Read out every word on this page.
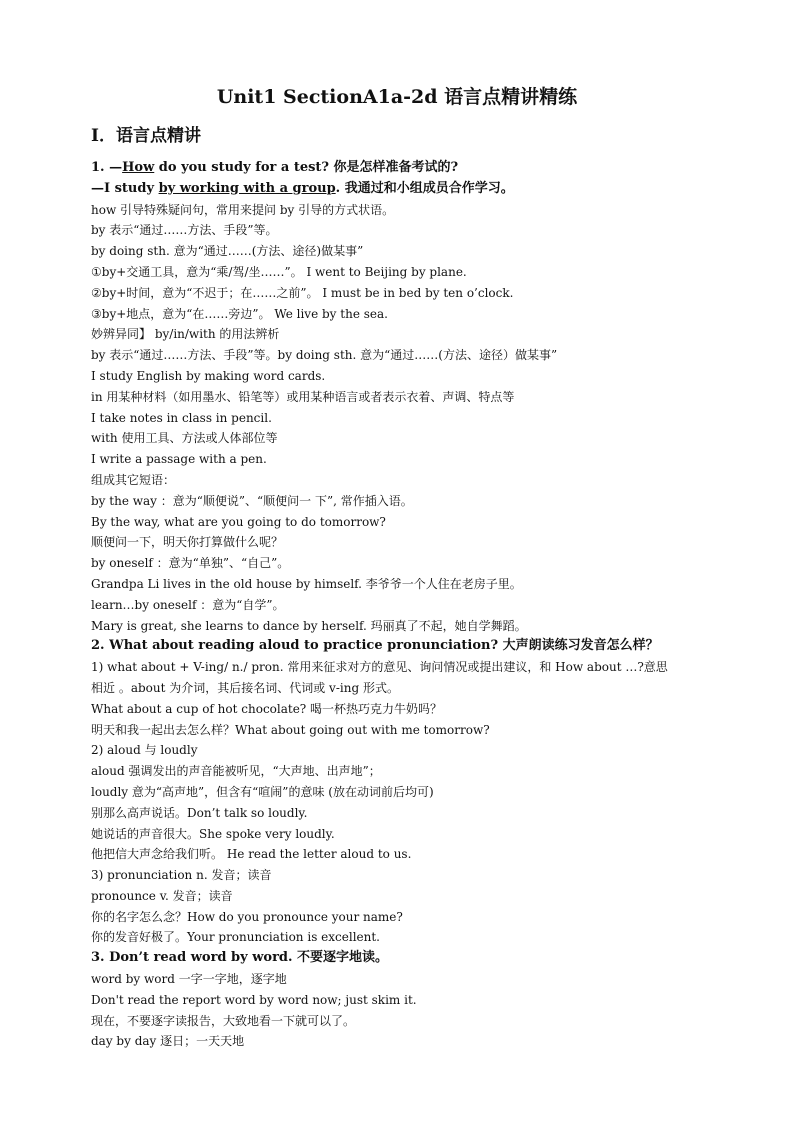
Unit1 SectionA1a-2d 语言点精讲精练
I．语言点精讲
1. —How do you study for a test? 你是怎样准备考试的?
—I study by working with a group. 我通过和小组成员合作学习。
how 引导特殊疑问句，常用来提问 by 引导的方式状语。
by 表示“通过……方法、手段”等。
by doing sth. 意为“通过……(方法、途径)做某事”
①by+交通工具，意为“乘/驾/坐……”。 I went to Beijing by plane.
②by+时间，意为“不迟于；在……之前”。 I must be in bed by ten o’clock.
③by+地点，意为“在……旁边”。 We live by the sea.
妙辨异同】 by/in/with 的用法辨析
by 表示“通过……方法、手段”等。by doing sth. 意为“通过……(方法、途径）做某事”
I study English by making word cards.
in 用某种材料（如用墨水、铅笔等）或用某种语言或者表示衣着、声调、特点等
I take notes in class in pencil.
with 使用工具、方法或人体部位等
I write a passage with a pen.
组成其它短语：
by the way ：意为“顺便说”、“顺便问一 下”, 常作插入语。
By the way, what are you going to do tomorrow?
顺便问一下，明天你打算做什么呢？
by oneself ：意为“单独”、“自己”。
Grandpa Li lives in the old house by himself. 李爷爷一个人住在老房子里。
learn…by oneself ：意为“自学”。
Mary is great, she learns to dance by herself. 玛丽真了不起，她自学舞蹈。
2. What about reading aloud to practice pronunciation? 大声朗读练习发音怎么样？
1) what about + V-ing/ n./ pron. 常用来征求对方的意见、询问情况或提出建议，和 How about …?意思
相近 。about 为介词，其后接名词、代词或 v-ing 形式。
What about a cup of hot chocolate? 喝一杯热巧克力牛奶吗？
明天和我一起出去怎么样？What about going out with me tomorrow?
2) aloud 与 loudly
aloud 强调发出的声音能被听见，“大声地、出声地”；
loudly 意为“高声地”，但含有“喧闹”的意味 (放在动词前后均可)
别那么高声说话。Don’t talk so loudly.
她说话的声音很大。She spoke very loudly.
他把信大声念给我们听。 He read the letter aloud to us.
3) pronunciation n. 发音；读音
pronounce v. 发音；读音
你的名字怎么念？How do you pronounce your name?
你的发音好极了。Your pronunciation is excellent.
3. Don’t read word by word. 不要逐字地读。
word by word 一字一字地，逐字地
Don't read the report word by word now; just skim it.
现在，不要逐字读报告，大致地看一下就可以了。
day by day 逐日；一天天地
